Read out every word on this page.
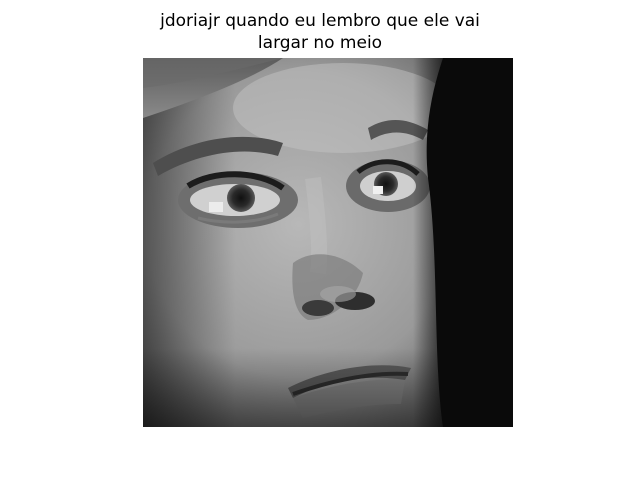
jdoriajr quando eu lembro que ele vai
largar no meio
